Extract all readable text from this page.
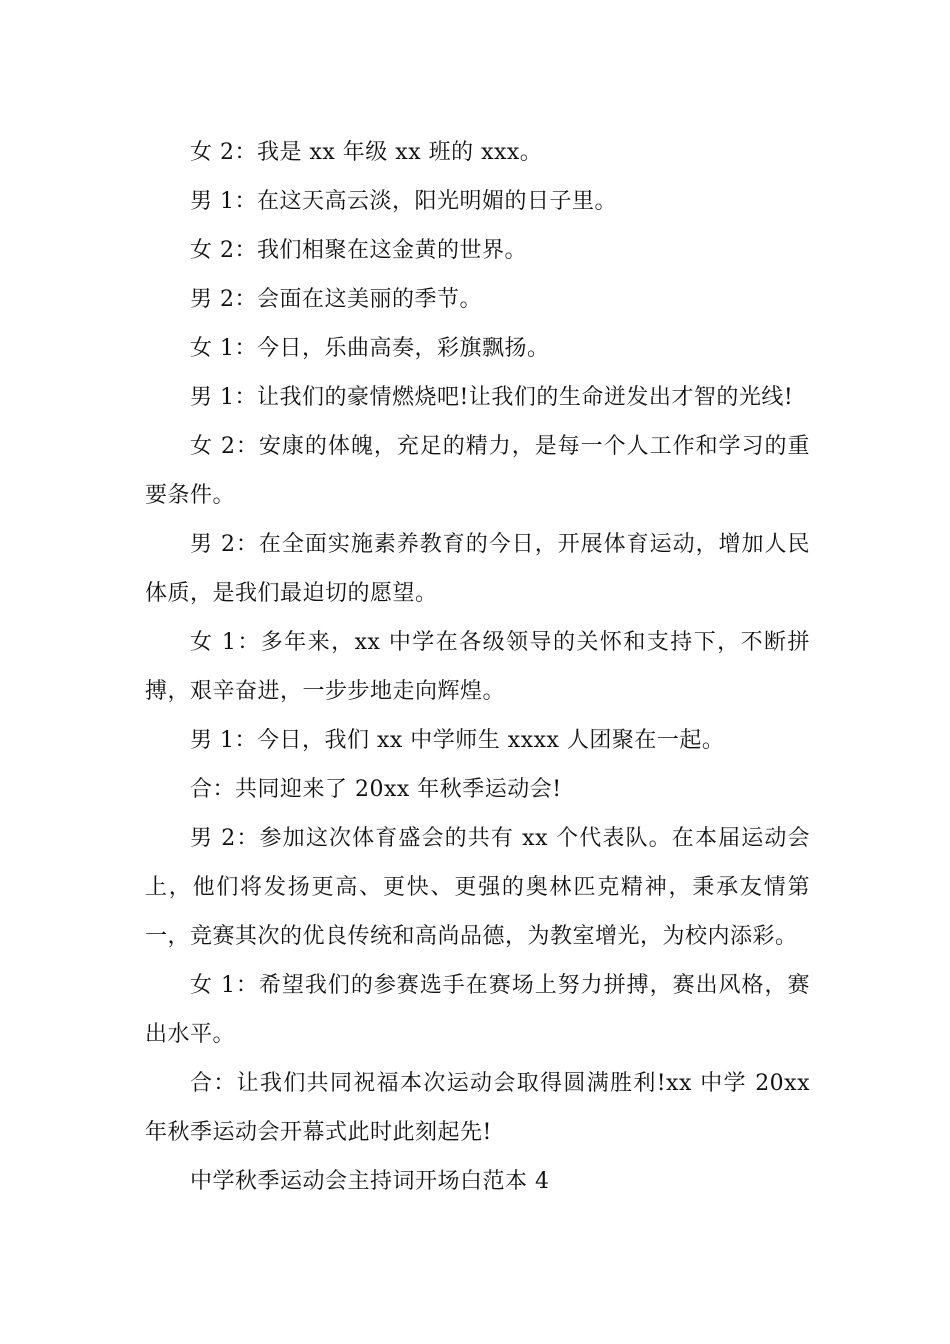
女 2：我是 xx 年级 xx 班的 xxx。

男 1：在这天高云淡，阳光明媚的日子里。

女 2：我们相聚在这金黄的世界。

男 2：会面在这美丽的季节。

女 1：今日，乐曲高奏，彩旗飘扬。

男 1：让我们的豪情燃烧吧!让我们的生命迸发出才智的光线!

女 2：安康的体魄，充足的精力，是每一个人工作和学习的重要条件。

男 2：在全面实施素养教育的今日，开展体育运动，增加人民体质，是我们最迫切的愿望。

女 1：多年来，xx 中学在各级领导的关怀和支持下，不断拼搏，艰辛奋进，一步步地走向辉煌。

男 1：今日，我们 xx 中学师生 xxxx 人团聚在一起。

合：共同迎来了 20xx 年秋季运动会!

男 2：参加这次体育盛会的共有 xx 个代表队。在本届运动会上，他们将发扬更高、更快、更强的奥林匹克精神，秉承友情第一，竞赛其次的优良传统和高尚品德，为教室增光，为校内添彩。

女 1：希望我们的参赛选手在赛场上努力拼搏，赛出风格，赛出水平。

合：让我们共同祝福本次运动会取得圆满胜利!xx 中学 20xx 年秋季运动会开幕式此时此刻起先!

中学秋季运动会主持词开场白范本 4
